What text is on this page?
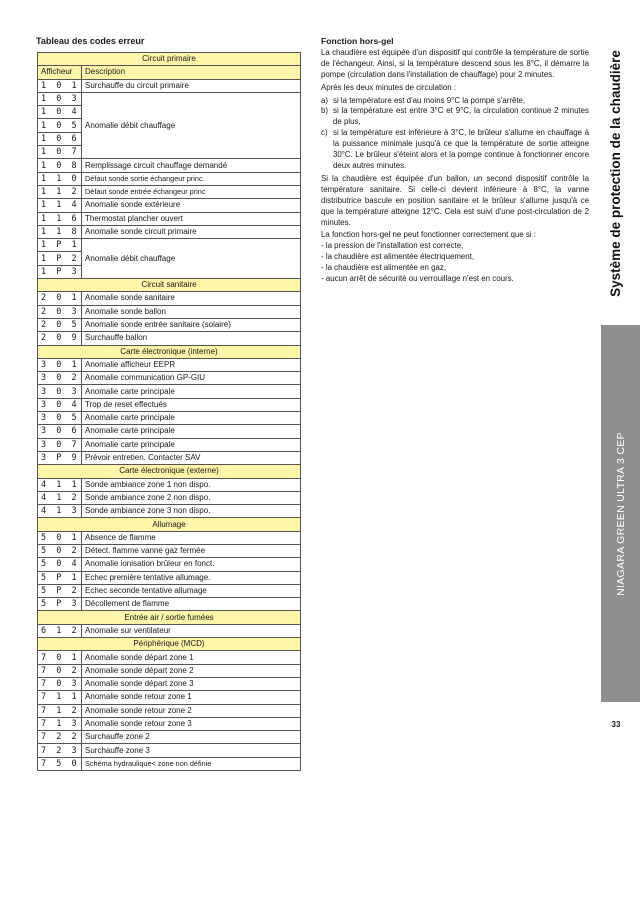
Tableau des codes erreur
Circuit primaire	
Afficheur	Description
1 0 1	Surchauffe du circuit primaire
1 0 3	Anomalie débit chauffage
1 0 4	
1 0 5	
1 0 6	
1 0 7	
1 0 8	Remplissage circuit chauffage demandé
1 1 0	Défaut sonde sortie échangeur princ.
1 1 2	Défaut sonde entrée échangeur princ
1 1 4	Anomalie sonde extérieure
1 1 6	Thermostat plancher ouvert
1 1 8	Anomalie sonde circuit primaire
1 P 1	Anomalie débit chauffage
1 P 2	
1 P 3	
Circuit sanitaire	
2 0 1	Anomalie sonde sanitaire
2 0 3	Anomalie sonde ballon
2 0 5	Anomalie sonde entrée sanitaire (solaire)
2 0 9	Surchauffe ballon
Carte électronique (interne)	
3 0 1	Anomalie afficheur EEPR
3 0 2	Anomalie communication GP-GIU
3 0 3	Anomalie carte principale
3 0 4	Trop de reset effectués
3 0 5	Anomalie carte principale
3 0 6	Anomalie carte principale
3 0 7	Anomalie carte principale
3 P 9	Prévoir entretien. Contacter SAV
Carte électronique (externe)	
4 1 1	Sonde ambiance zone 1 non dispo.
4 1 2	Sonde ambiance zone 2 non dispo.
4 1 3	Sonde ambiance zone 3 non dispo.
Allumage	
5 0 1	Absence de flamme
5 0 2	Détect. flamme vanne gaz fermée
5 0 4	Anomalie ionisation brûleur en fonct.
5 P 1	Echec première tentative allumage.
5 P 2	Echec seconde tentative allumage
5 P 3	Décollement de flamme
Entrée air / sortie fumées	
6 1 2	Anomalie sur ventilateur
Périphérique (MCD)	
7 0 1	Anomalie sonde départ zone 1
7 0 2	Anomalie sonde départ zone 2
7 0 3	Anomalie sonde départ zone 3
7 1 1	Anomalie sonde retour zone 1
7 1 2	Anomalie sonde retour zone 2
7 1 3	Anomalie sonde retour zone 3
7 2 2	Surchauffe zone 2
7 2 3	Surchauffe zone 3
7 5 0	Schéma hydraulique< zone non définie
Fonction hors-gel

La chaudière est équipée d'un dispositif qui contrôle la température de sortie de l'échangeur. Ainsi, si la température descend sous les 8°C, il démarre la pompe (circulation dans l'installation de chauffage) pour 2 minutes.

Après les deux minutes de circulation :

a) si la température est d'au moins 9°C la pompe s'arrête,
b) si la température est entre 3°C et 9°C, la circulation continue 2 minutes de plus,
c) si la température est inférieure à 3°C, le brûleur s'allume en chauffage à la puissance minimale jusqu'à ce que la température de sortie atteigne 30°C. Le brûleur s'éteint alors et la pompe continue à fonctionner encore deux autres minutes.

Si la chaudière est équipée d'un ballon, un second dispositif contrôle la température sanitaire. Si celle-ci devient inférieure à 8°C, la vanne distributrice bascule en position sanitaire et le brûleur s'allume jusqu'à ce que la température atteigne 12°C. Cela est suivi d'une post-circulation de 2 minutes.

La fonction hors-gel ne peut fonctionner correctement que si :

- la pression de l'installation est correcte,
- la chaudière est alimentée électriquement,
- la chaudière est alimentée en gaz,
- aucun arrêt de sécurité ou verrouillage n'est en cours.	Système de protection de la chaudière
NIAGARA GREEN ULTRA 3 CEP
33
